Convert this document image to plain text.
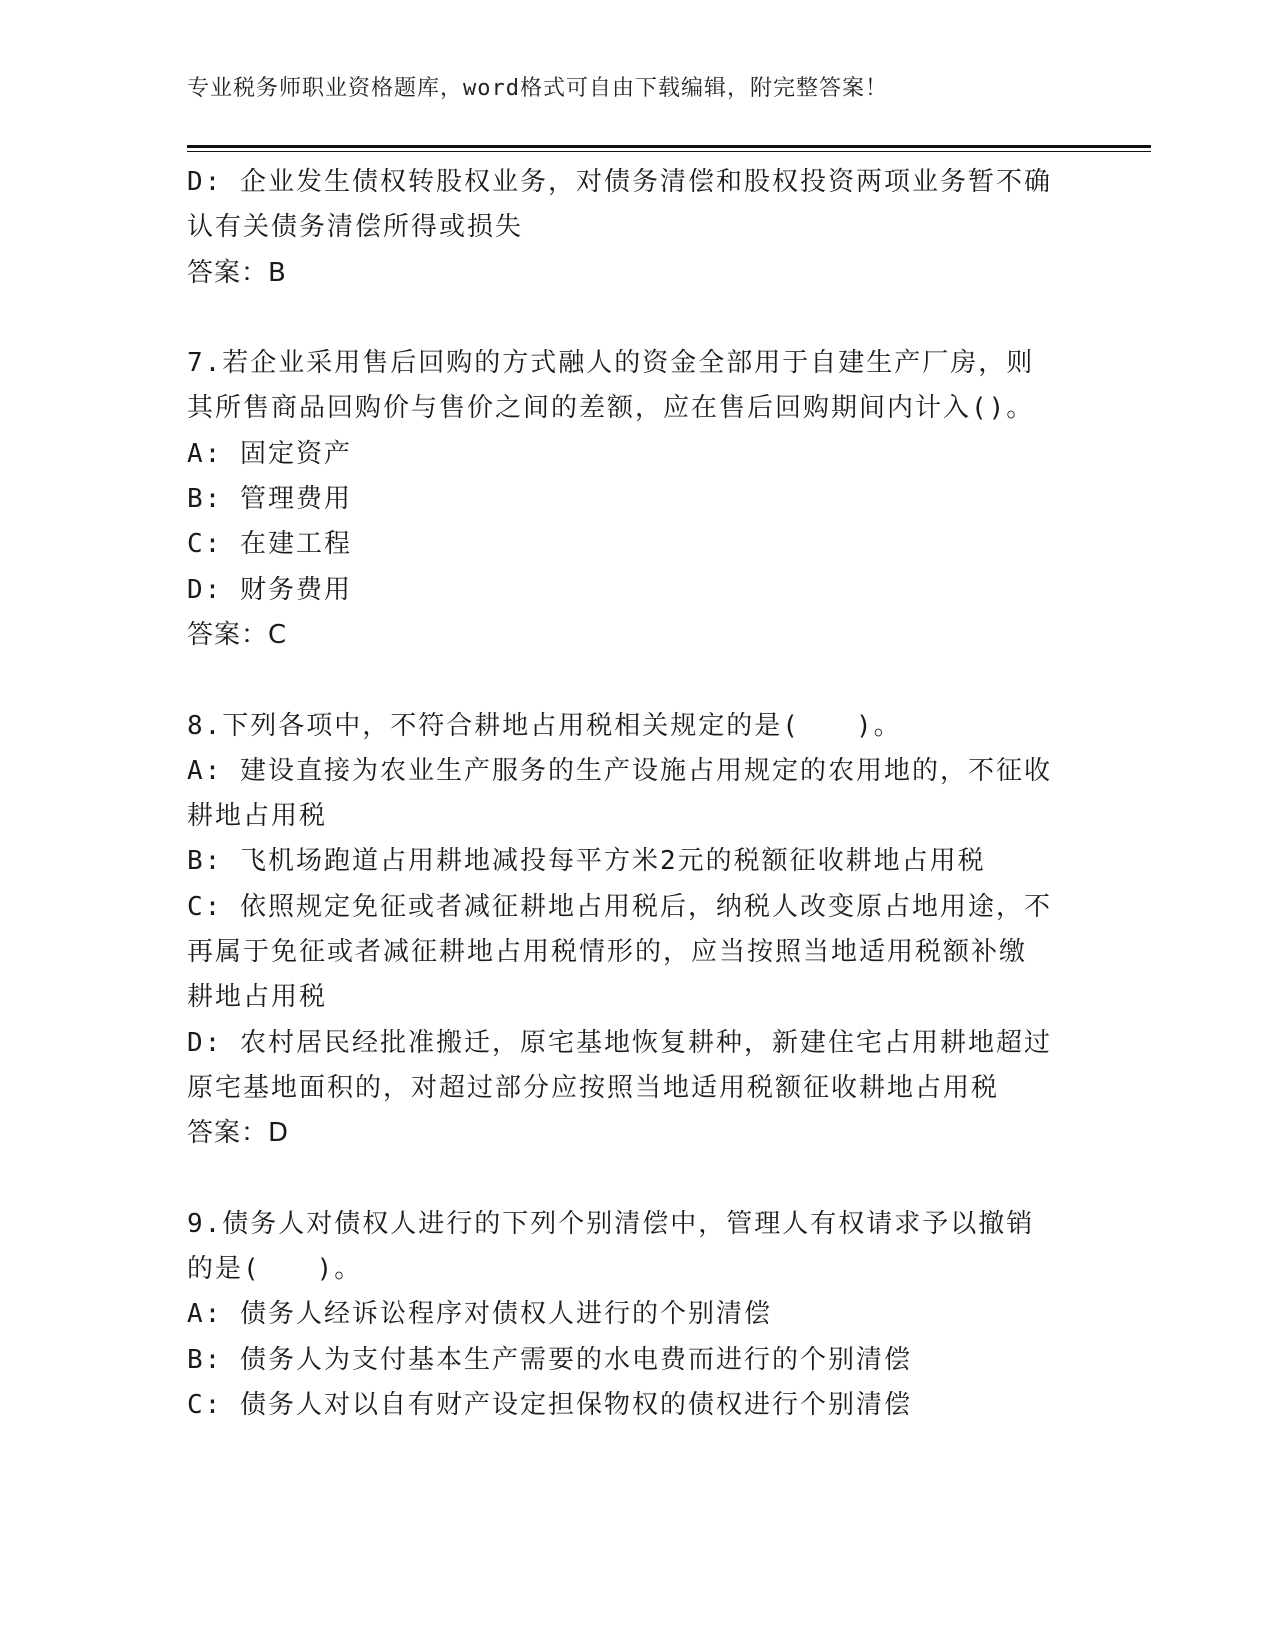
专业税务师职业资格题库，word格式可自由下载编辑，附完整答案！
D: 企业发生债权转股权业务，对债务清偿和股权投资两项业务暂不确
认有关债务清偿所得或损失
答案：B
7.若企业采用售后回购的方式融人的资金全部用于自建生产厂房，则
其所售商品回购价与售价之间的差额，应在售后回购期间内计入()。
A: 固定资产
B: 管理费用
C: 在建工程
D: 财务费用
答案：C
8.下列各项中，不符合耕地占用税相关规定的是(　　)。
A: 建设直接为农业生产服务的生产设施占用规定的农用地的，不征收
耕地占用税
B: 飞机场跑道占用耕地减投每平方米2元的税额征收耕地占用税
C: 依照规定免征或者减征耕地占用税后，纳税人改变原占地用途，不
再属于免征或者减征耕地占用税情形的，应当按照当地适用税额补缴
耕地占用税
D: 农村居民经批准搬迁，原宅基地恢复耕种，新建住宅占用耕地超过
原宅基地面积的，对超过部分应按照当地适用税额征收耕地占用税
答案：D
9.债务人对债权人进行的下列个别清偿中，管理人有权请求予以撤销
的是(　　)。
A: 债务人经诉讼程序对债权人进行的个别清偿
B: 债务人为支付基本生产需要的水电费而进行的个别清偿
C: 债务人对以自有财产设定担保物权的债权进行个别清偿
